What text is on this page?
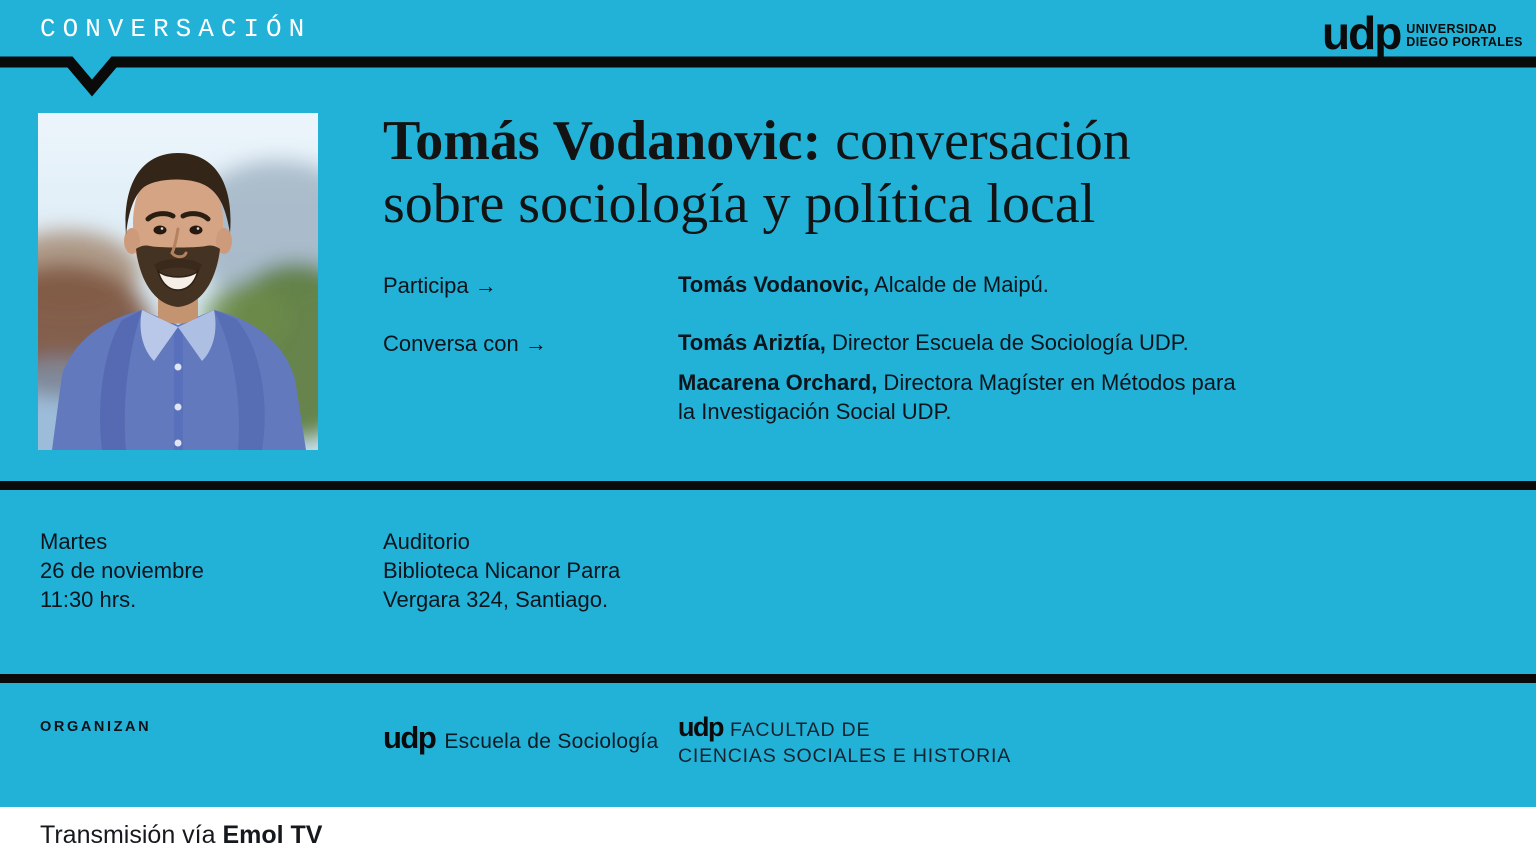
CONVERSACIÓN	udp UNIVERSIDAD
DIEGO PORTALES
Tomás Vodanovic: conversación
sobre sociología y política local
Participa →	Tomás Vodanovic, Alcalde de Maipú.
Conversa con →	Tomás Ariztía, Director Escuela de Sociología UDP.
Macarena Orchard, Directora Magíster en Métodos para la Investigación Social UDP.
Martes
26 de noviembre
11:30 hrs.
Auditorio
Biblioteca Nicanor Parra
Vergara 324, Santiago.
ORGANIZAN	udp Escuela de Sociología udp FACULTAD DE
CIENCIAS SOCIALES E HISTORIA
Transmisión vía Emol TV
